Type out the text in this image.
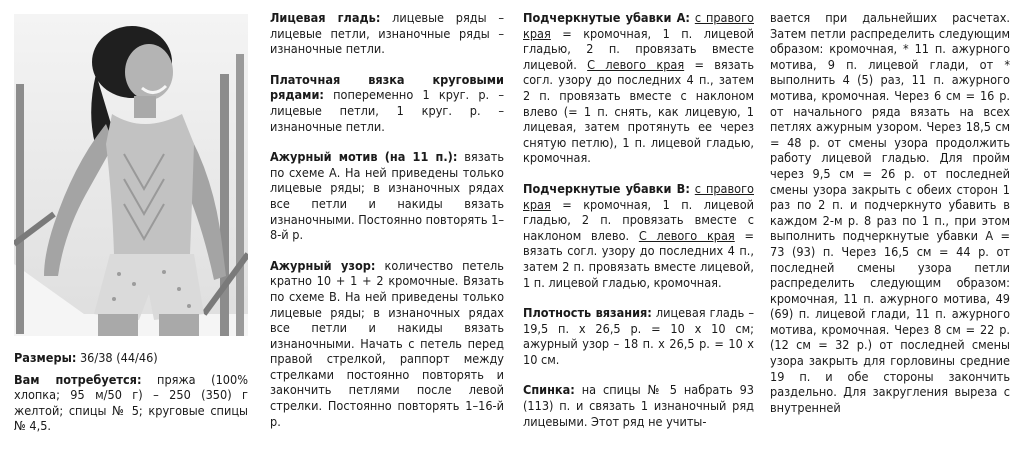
Размеры: 36/38 (44/46)

Вам потребуется: пряжа (100% хлопка; 95 м/50 г) – 250 (350) г желтой; спицы № 5; круговые спицы № 4,5.

Лицевая гладь: лицевые ряды – лицевые петли, изнаночные ряды – изнаночные петли.

Платочная вязка круговыми рядами: попеременно 1 круг. р. – лицевые петли, 1 круг. р. – изнаночные петли.

Ажурный мотив (на 11 п.): вязать по схеме А. На ней приведены только лицевые ряды; в изнаночных рядах все петли и накиды вязать изнаночными. Постоянно повторять 1–8-й р.

Ажурный узор: количество петель кратно 10 + 1 + 2 кромочные. Вязать по схеме В. На ней приведены только лицевые ряды; в изнаночных рядах все петли и накиды вязать изнаночными. Начать с петель перед правой стрелкой, раппорт между стрелками постоянно повторять и закончить петлями после левой стрелки. Постоянно повторять 1–16-й р.

Подчеркнутые убавки А: с правого края = кромочная, 1 п. лицевой гладью, 2 п. провязать вместе лицевой. С левого края = вязать согл. узору до последних 4 п., затем 2 п. провязать вместе с наклоном влево (= 1 п. снять, как лицевую, 1 лицевая, затем протянуть ее через снятую петлю), 1 п. лицевой гладью, кромочная.

Подчеркнутые убавки В: с правого края = кромочная, 1 п. лицевой гладью, 2 п. провязать вместе с наклоном влево. С левого края = вязать согл. узору до последних 4 п., затем 2 п. провязать вместе лицевой, 1 п. лицевой гладью, кромочная.

Плотность вязания: лицевая гладь – 19,5 п. х 26,5 р. = 10 х 10 см; ажурный узор – 18 п. х 26,5 р. = 10 х 10 см.

Спинка: на спицы № 5 набрать 93 (113) п. и связать 1 изнаночный ряд лицевыми. Этот ряд не учиты-

вается при дальнейших расчетах. Затем петли распределить следующим образом: кромочная, * 11 п. ажурного мотива, 9 п. лицевой глади, от * выполнить 4 (5) раз, 11 п. ажурного мотива, кромочная. Через 6 см = 16 р. от начального ряда вязать на всех петлях ажурным узором. Через 18,5 см = 48 р. от смены узора продолжить работу лицевой гладью. Для пройм через 9,5 см = 26 р. от последней смены узора закрыть с обеих сторон 1 раз по 2 п. и подчеркнуто убавить в каждом 2-м р. 8 раз по 1 п., при этом выполнить подчеркнутые убавки А = 73 (93) п. Через 16,5 см = 44 р. от последней смены узора петли распределить следующим образом: кромочная, 11 п. ажурного мотива, 49 (69) п. лицевой глади, 11 п. ажурного мотива, кромочная. Через 8 см = 22 р. (12 см = 32 р.) от последней смены узора закрыть для горловины средние 19 п. и обе стороны закончить раздельно. Для закругления выреза с внутренней
